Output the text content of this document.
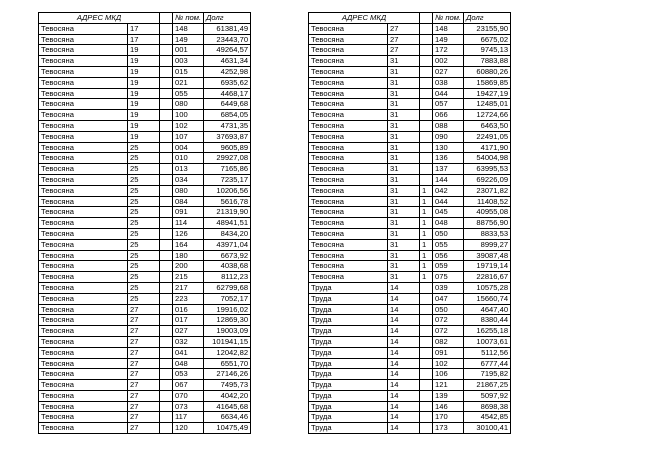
АДРЕС МКД			№ пом.	Долг
Тевосяна	17		148	61381,49
Тевосяна	17		149	23443,70
Тевосяна	19		001	49264,57
Тевосяна	19		003	4631,34
Тевосяна	19		015	4252,98
Тевосяна	19		021	6935,62
Тевосяна	19		055	4468,17
Тевосяна	19		080	6449,68
Тевосяна	19		100	6854,05
Тевосяна	19		102	4731,35
Тевосяна	19		107	37693,87
Тевосяна	25		004	9605,89
Тевосяна	25		010	29927,08
Тевосяна	25		013	7165,86
Тевосяна	25		034	7235,17
Тевосяна	25		080	10206,56
Тевосяна	25		084	5616,78
Тевосяна	25		091	21319,90
Тевосяна	25		114	48941,51
Тевосяна	25		126	8434,20
Тевосяна	25		164	43971,04
Тевосяна	25		180	6673,92
Тевосяна	25		200	4038,68
Тевосяна	25		215	8112,23
Тевосяна	25		217	62799,68
Тевосяна	25		223	7052,17
Тевосяна	27		016	19916,02
Тевосяна	27		017	12869,30
Тевосяна	27		027	19003,09
Тевосяна	27		032	101941,15
Тевосяна	27		041	12042,82
Тевосяна	27		048	6551,70
Тевосяна	27		053	27146,26
Тевосяна	27		067	7495,73
Тевосяна	27		070	4042,20
Тевосяна	27		073	41645,68
Тевосяна	27		117	6634,46
Тевосяна	27		120	10475,49
АДРЕС МКД			№ пом.	Долг
Тевосяна	27		148	23155,90
Тевосяна	27		149	6675,02
Тевосяна	27		172	9745,13
Тевосяна	31		002	7883,88
Тевосяна	31		027	60880,26
Тевосяна	31		038	15869,85
Тевосяна	31		044	19427,19
Тевосяна	31		057	12485,01
Тевосяна	31		066	12724,66
Тевосяна	31		088	6463,50
Тевосяна	31		090	22491,05
Тевосяна	31		130	4171,90
Тевосяна	31		136	54004,98
Тевосяна	31		137	63995,53
Тевосяна	31		144	69226,09
Тевосяна	31	1	042	23071,82
Тевосяна	31	1	044	11408,52
Тевосяна	31	1	045	40955,08
Тевосяна	31	1	048	88756,90
Тевосяна	31	1	050	8833,53
Тевосяна	31	1	055	8999,27
Тевосяна	31	1	056	39087,48
Тевосяна	31	1	059	19719,14
Тевосяна	31	1	075	22816,67
Труда	14		039	10575,28
Труда	14		047	15660,74
Труда	14		050	4647,40
Труда	14		072	8380,44
Труда	14		072	16255,18
Труда	14		082	10073,61
Труда	14		091	5112,56
Труда	14		102	6777,44
Труда	14		106	7195,82
Труда	14		121	21867,25
Труда	14		139	5097,92
Труда	14		146	8698,38
Труда	14		170	4542,85
Труда	14		173	30100,41
